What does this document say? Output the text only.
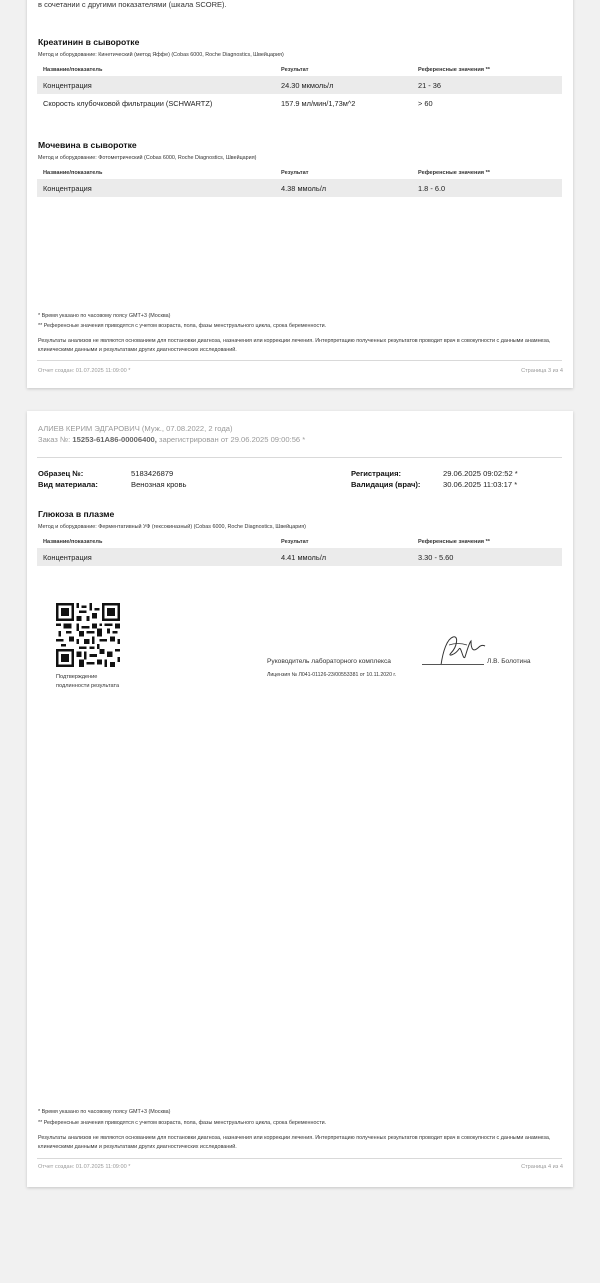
в сочетании с другими показателями (шкала SCORE).
Креатинин в сыворотке
Метод и оборудование: Кинетический (метод Яффе) (Cobas 6000, Roche Diagnostics, Швейцария)
Название/показатель	Результат	Референсные значения **
Концентрация	24.30 мкмоль/л	21 - 36
Скорость клубочковой фильтрации (SCHWARTZ)	157.9 мл/мин/1,73м^2	> 60
Мочевина в сыворотке
Метод и оборудование: Фотометрический (Cobas 6000, Roche Diagnostics, Швейцария)
Название/показатель	Результат	Референсные значения **
Концентрация	4.38 ммоль/л	1.8 - 6.0
* Время указано по часовому поясу GMT+3 (Москва)
** Референсные значения приводятся с учетом возраста, пола, фазы менструального цикла, срока беременности.
Результаты анализов не являются основанием для постановки диагноза, назначения или коррекции лечения. Интерпретацию полученных результатов проводит врач в совокупности с данными анамнеза, клиническими данными и результатами других диагностических исследований.
Отчет создан: 01.07.2025 11:09:00 *	Страница 3 из 4
АЛИЕВ КЕРИМ ЭДГАРОВИЧ (Муж., 07.08.2022, 2 года)
Заказ №: 15253-61A86-00006400, зарегистрирован от 29.06.2025 09:00:56 *
Образец №:	5183426879
Вид материала:	Венозная кровь
Регистрация:	29.06.2025 09:02:52 *
Валидация (врач):	30.06.2025 11:03:17 *
Глюкоза в плазме
Метод и оборудование: Ферментативный УФ (гексокиназный) (Cobas 6000, Roche Diagnostics, Швейцария)
Название/показатель	Результат	Референсные значения **
Концентрация	4.41 ммоль/л	3.30 - 5.60
Подтверждение
подлинности результата
Руководитель лабораторного комплекса	Л.В. Болотина
Лицензия № Л041-01126-23/00553381 от 10.11.2020 г.
* Время указано по часовому поясу GMT+3 (Москва)
** Референсные значения приводятся с учетом возраста, пола, фазы менструального цикла, срока беременности.
Результаты анализов не являются основанием для постановки диагноза, назначения или коррекции лечения. Интерпретацию полученных результатов проводит врач в совокупности с данными анамнеза, клиническими данными и результатами других диагностических исследований.
Отчет создан: 01.07.2025 11:09:00 *	Страница 4 из 4
